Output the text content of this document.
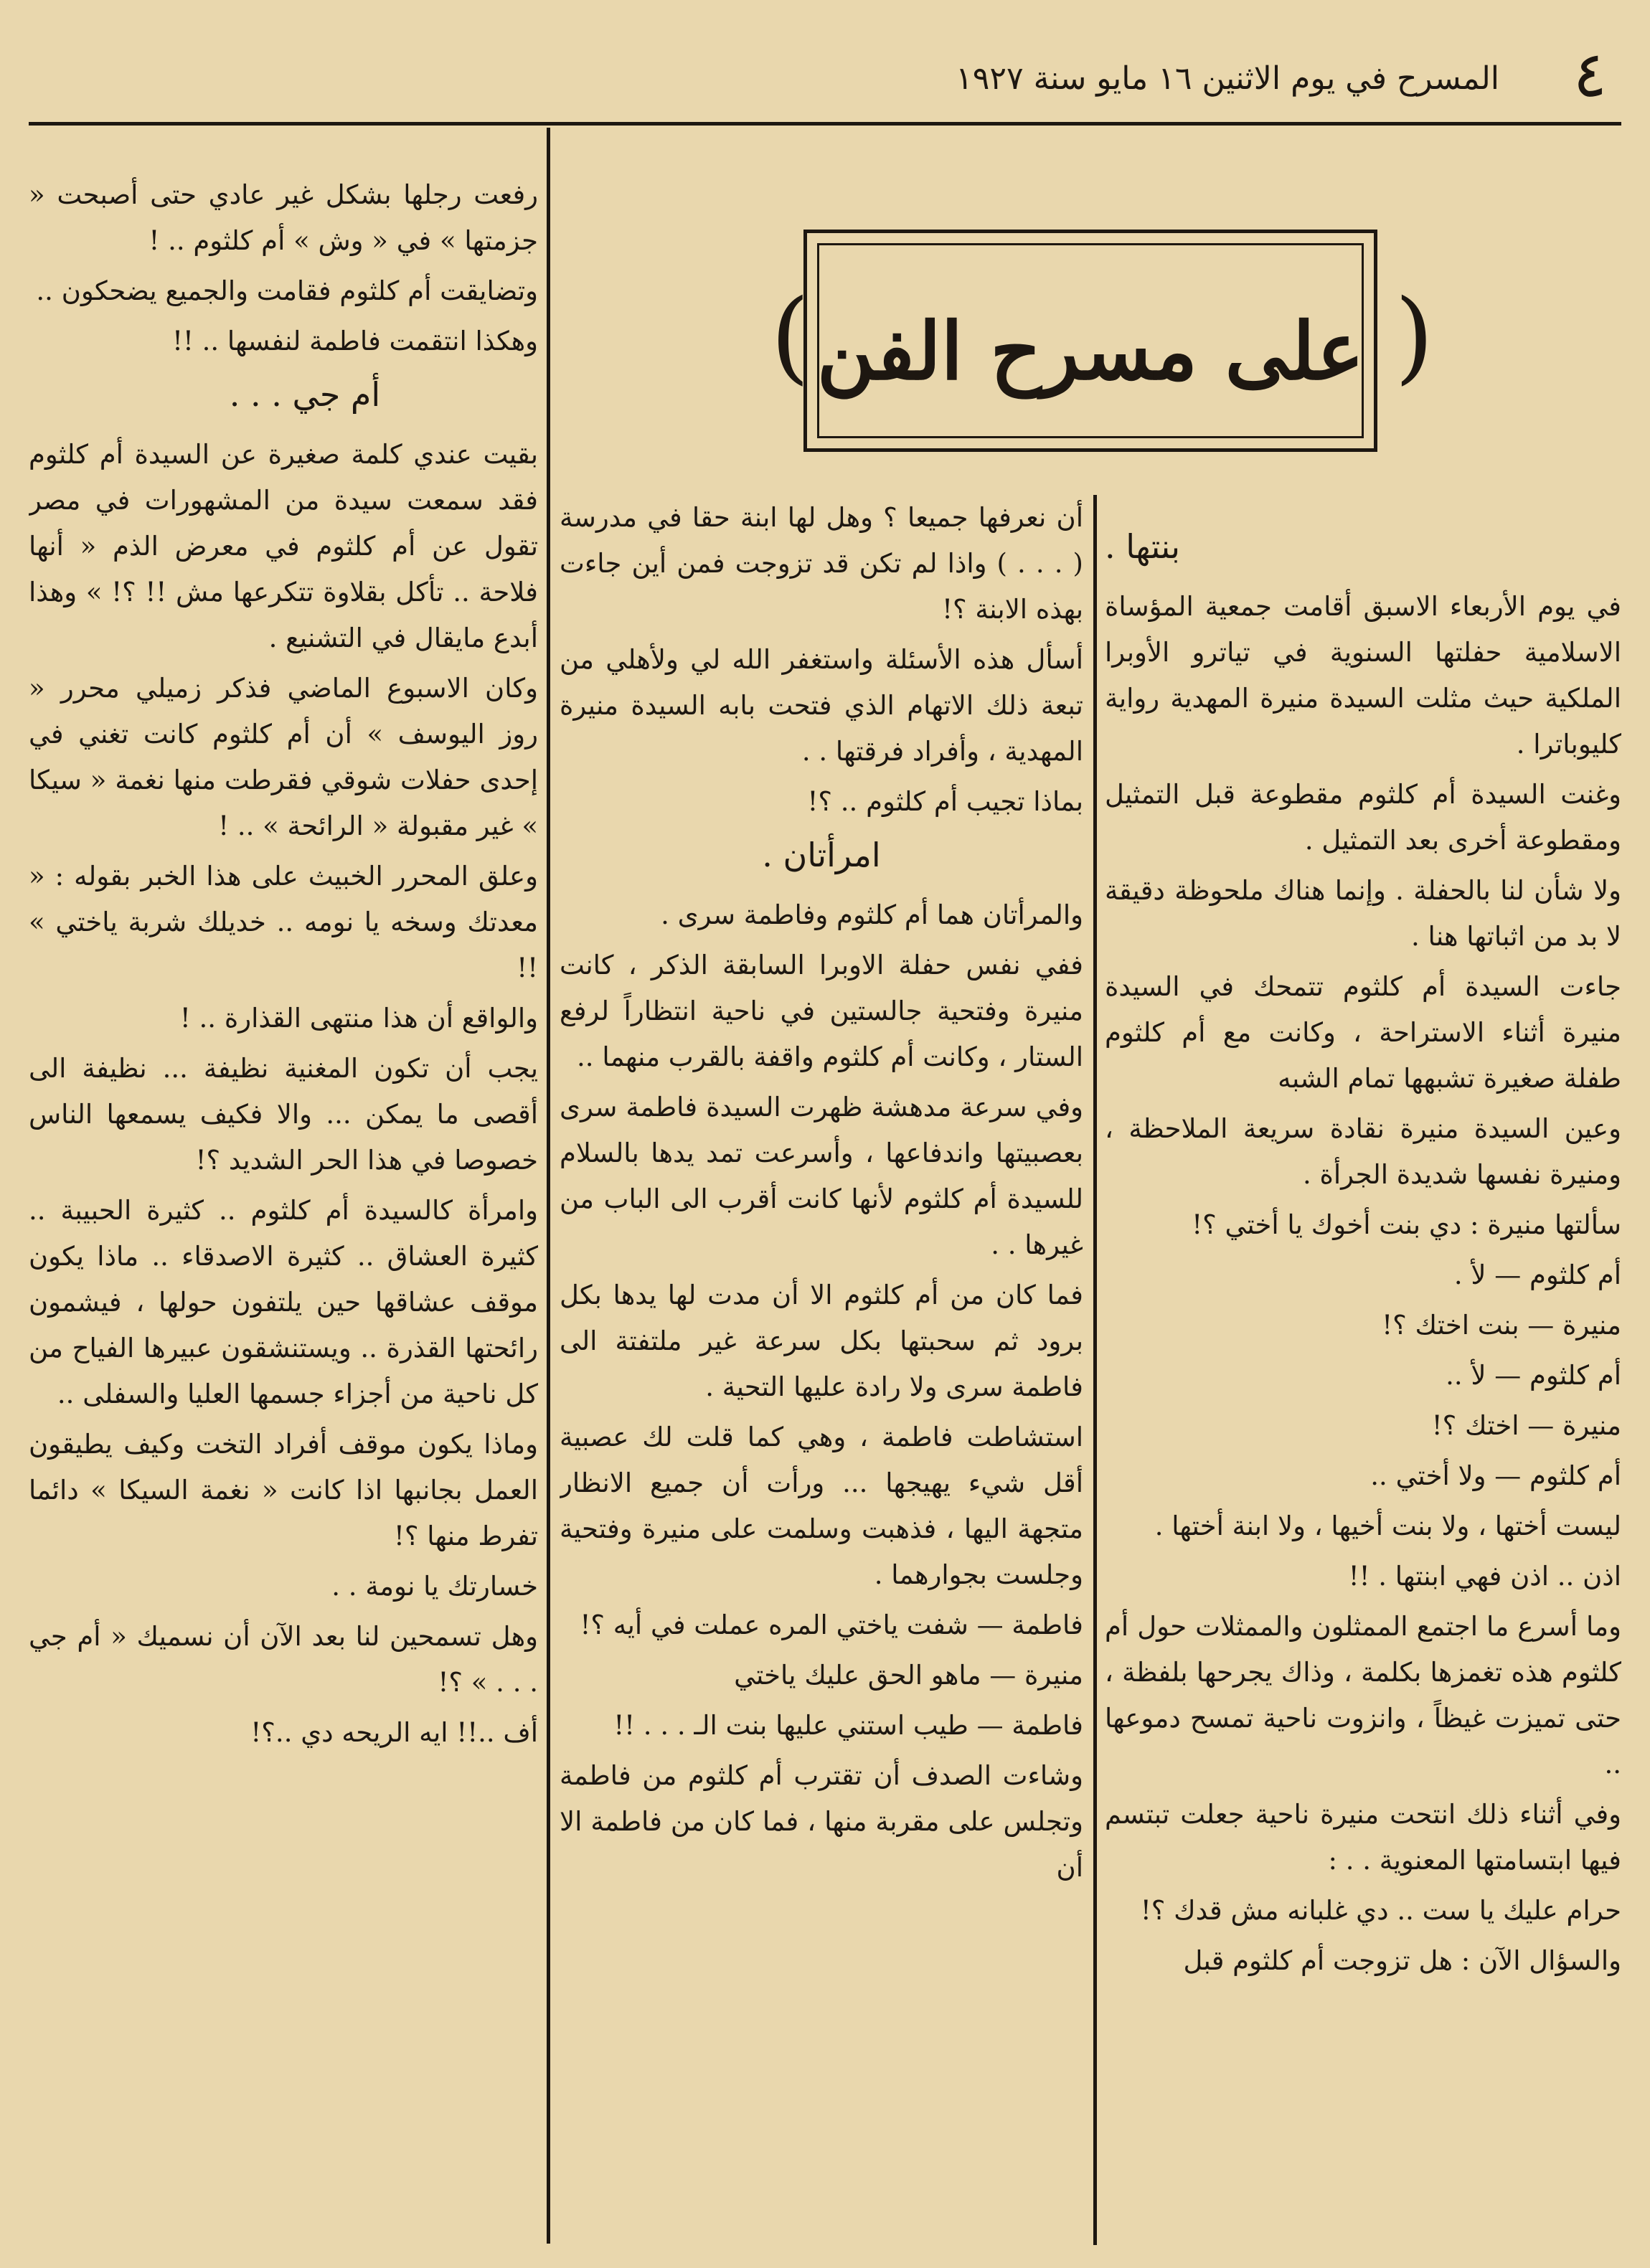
٤
المسرح في يوم الاثنين ١٦ مايو سنة ١٩٢٧
)
( على مسرح الفن
بنتها .

في يوم الأربعاء الاسبق أقامت جمعية المؤساة الاسلامية حفلتها السنوية في تياترو الأوبرا الملكية حيث مثلت السيدة منيرة المهدية رواية كليوباترا .

وغنت السيدة أم كلثوم مقطوعة قبل التمثيل ومقطوعة أخرى بعد التمثيل .

ولا شأن لنا بالحفلة . وإنما هناك ملحوظة دقيقة لا بد من اثباتها هنا .

جاءت السيدة أم كلثوم تتمحك في السيدة منيرة أثناء الاستراحة ، وكانت مع أم كلثوم طفلة صغيرة تشبهها تمام الشبه

وعين السيدة منيرة نقادة سريعة الملاحظة ، ومنيرة نفسها شديدة الجرأة .

سألتها منيرة : دي بنت أخوك يا أختي ؟!

أم كلثوم — لأ .

منيرة — بنت اختك ؟!

أم كلثوم — لأ ..

منيرة — اختك ؟!

أم كلثوم — ولا أختي ..

ليست أختها ، ولا بنت أخيها ، ولا ابنة أختها .

اذن .. اذن فهي ابنتها . !!

وما أسرع ما اجتمع الممثلون والممثلات حول أم كلثوم هذه تغمزها بكلمة ، وذاك يجرحها بلفظة ، حتى تميزت غيظاً ، وانزوت ناحية تمسح دموعها ..

وفي أثناء ذلك انتحت منيرة ناحية جعلت تبتسم فيها ابتسامتها المعنوية . . :

حرام عليك يا ست .. دي غلبانه مش قدك ؟!

والسؤال الآن : هل تزوجت أم كلثوم قبل

أن نعرفها جميعا ؟ وهل لها ابنة حقا في مدرسة ( . . . ) واذا لم تكن قد تزوجت فمن أين جاءت بهذه الابنة ؟!

أسأل هذه الأسئلة واستغفر الله لي ولأهلي من تبعة ذلك الاتهام الذي فتحت بابه السيدة منيرة المهدية ، وأفراد فرقتها . .

بماذا تجيب أم كلثوم .. ؟!

امرأتان .

والمرأتان هما أم كلثوم وفاطمة سرى .

ففي نفس حفلة الاوبرا السابقة الذكر ، كانت منيرة وفتحية جالستين في ناحية انتظاراً لرفع الستار ، وكانت أم كلثوم واقفة بالقرب منهما ..

وفي سرعة مدهشة ظهرت السيدة فاطمة سرى بعصبيتها واندفاعها ، وأسرعت تمد يدها بالسلام للسيدة أم كلثوم لأنها كانت أقرب الى الباب من غيرها . .

فما كان من أم كلثوم الا أن مدت لها يدها بكل برود ثم سحبتها بكل سرعة غير ملتفتة الى فاطمة سرى ولا رادة عليها التحية .

استشاطت فاطمة ، وهي كما قلت لك عصبية أقل شيء يهيجها ... ورأت أن جميع الانظار متجهة اليها ، فذهبت وسلمت على منيرة وفتحية وجلست بجوارهما .

فاطمة — شفت ياختي المره عملت في أيه ؟!

منيرة — ماهو الحق عليك ياختي

فاطمة — طيب استني عليها بنت الـ . . . !!

وشاءت الصدف أن تقترب أم كلثوم من فاطمة وتجلس على مقربة منها ، فما كان من فاطمة الا أن

رفعت رجلها بشكل غير عادي حتى أصبحت « جزمتها » في « وش » أم كلثوم .. !

وتضايقت أم كلثوم فقامت والجميع يضحكون ..

وهكذا انتقمت فاطمة لنفسها .. !!

أم جي . . .

بقيت عندي كلمة صغيرة عن السيدة أم كلثوم فقد سمعت سيدة من المشهورات في مصر تقول عن أم كلثوم في معرض الذم « أنها فلاحة .. تأكل بقلاوة تتكرعها مش !! ؟! » وهذا أبدع مايقال في التشنيع .

وكان الاسبوع الماضي فذكر زميلي محرر « روز اليوسف » أن أم كلثوم كانت تغني في إحدى حفلات شوقي فقرطت منها نغمة « سيكا » غير مقبولة « الرائحة » .. !

وعلق المحرر الخبيث على هذا الخبر بقوله : « معدتك وسخه يا نومه .. خديلك شربة ياختي » !!

والواقع أن هذا منتهى القذارة .. !

يجب أن تكون المغنية نظيفة ... نظيفة الى أقصى ما يمكن ... والا فكيف يسمعها الناس خصوصا في هذا الحر الشديد ؟!

وامرأة كالسيدة أم كلثوم .. كثيرة الحبيبة .. كثيرة العشاق .. كثيرة الاصدقاء .. ماذا يكون موقف عشاقها حين يلتفون حولها ، فيشمون رائحتها القذرة .. ويستنشقون عبيرها الفياح من كل ناحية من أجزاء جسمها العليا والسفلى ..

وماذا يكون موقف أفراد التخت وكيف يطيقون العمل بجانبها اذا كانت « نغمة السيكا » دائما تفرط منها ؟!

خسارتك يا نومة . .

وهل تسمحين لنا بعد الآن أن نسميك « أم جي . . . » ؟!

أف ..!! ايه الريحه دي ..؟!
